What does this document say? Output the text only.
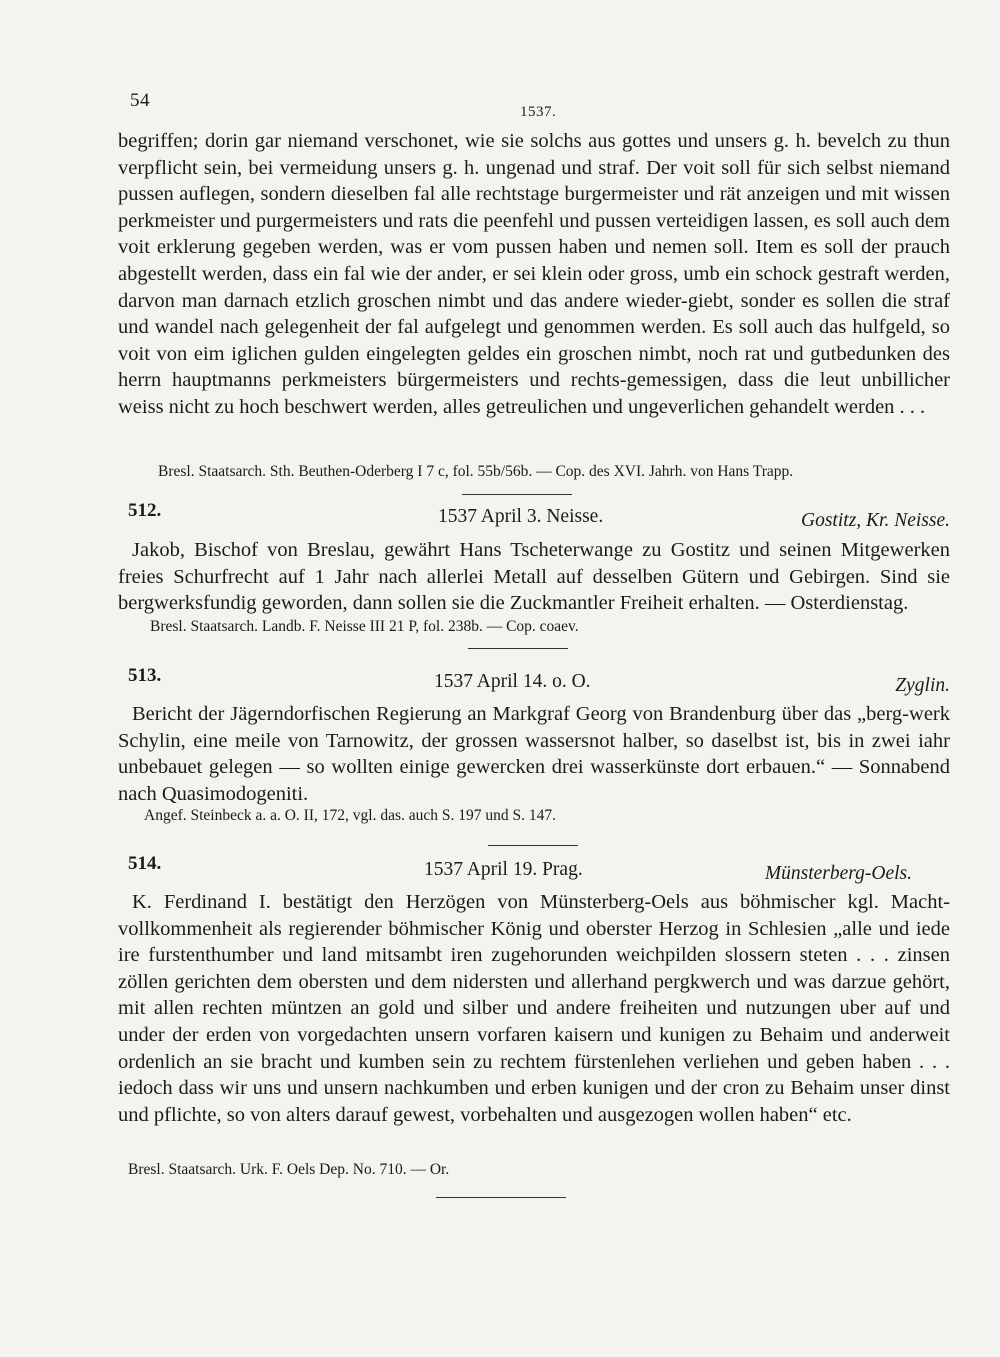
54
1537.

begriffen; dorin gar niemand verschonet, wie sie solchs aus gottes und unsers g. h. bevelch zu thun verpflicht sein, bei vermeidung unsers g. h. ungenad und straf. Der voit soll für sich selbst niemand pussen auflegen, sondern dieselben fal alle rechtstage burgermeister und rät anzeigen und mit wissen perkmeister und purgermeisters und rats die peenfehl und pussen verteidigen lassen, es soll auch dem voit erklerung gegeben werden, was er vom pussen haben und nemen soll. Item es soll der prauch abgestellt werden, dass ein fal wie der ander, er sei klein oder gross, umb ein schock gestraft werden, darvon man darnach etzlich groschen nimbt und das andere wieder-giebt, sonder es sollen die straf und wandel nach gelegenheit der fal aufgelegt und genommen werden. Es soll auch das hulfgeld, so voit von eim iglichen gulden eingelegten geldes ein groschen nimbt, noch rat und gutbedunken des herrn hauptmanns perkmeisters bürgermeisters und rechts-gemessigen, dass die leut unbillicher weiss nicht zu hoch beschwert werden, alles getreulichen und ungeverlichen gehandelt werden . . .

Bresl. Staatsarch. Sth. Beuthen-Oderberg I 7 c, fol. 55b/56b. — Cop. des XVI. Jahrh. von Hans Trapp.

512.	1537 April 3. Neisse.	Gostitz, Kr. Neisse.

Jakob, Bischof von Breslau, gewährt Hans Tscheterwange zu Gostitz und seinen Mitgewerken freies Schurfrecht auf 1 Jahr nach allerlei Metall auf desselben Gütern und Gebirgen. Sind sie bergwerksfundig geworden, dann sollen sie die Zuckmantler Freiheit erhalten. — Osterdienstag.

Bresl. Staatsarch. Landb. F. Neisse III 21 P, fol. 238b. — Cop. coaev.

513.	1537 April 14. o. O.	Zyglin.

Bericht der Jägerndorfischen Regierung an Markgraf Georg von Brandenburg über das „berg-werk Schylin, eine meile von Tarnowitz, der grossen wassersnot halber, so daselbst ist, bis in zwei iahr unbebauet gelegen — so wollten einige gewercken drei wasserkünste dort erbauen.“ — Sonnabend nach Quasimodogeniti.

Angef. Steinbeck a. a. O. II, 172, vgl. das. auch S. 197 und S. 147.

514.	1537 April 19. Prag.	Münsterberg-Oels.

K. Ferdinand I. bestätigt den Herzögen von Münsterberg-Oels aus böhmischer kgl. Macht-vollkommenheit als regierender böhmischer König und oberster Herzog in Schlesien „alle und iede ire furstenthumber und land mitsambt iren zugehorunden weichpilden slossern steten . . . zinsen zöllen gerichten dem obersten und dem nidersten und allerhand pergkwerch und was darzue gehört, mit allen rechten müntzen an gold und silber und andere freiheiten und nutzungen uber auf und under der erden von vorgedachten unsern vorfaren kaisern und kunigen zu Behaim und anderweit ordenlich an sie bracht und kumben sein zu rechtem fürstenlehen verliehen und geben haben . . . iedoch dass wir uns und unsern nachkumben und erben kunigen und der cron zu Behaim unser dinst und pflichte, so von alters darauf gewest, vorbehalten und ausgezogen wollen haben“ etc.

Bresl. Staatsarch. Urk. F. Oels Dep. No. 710. — Or.
